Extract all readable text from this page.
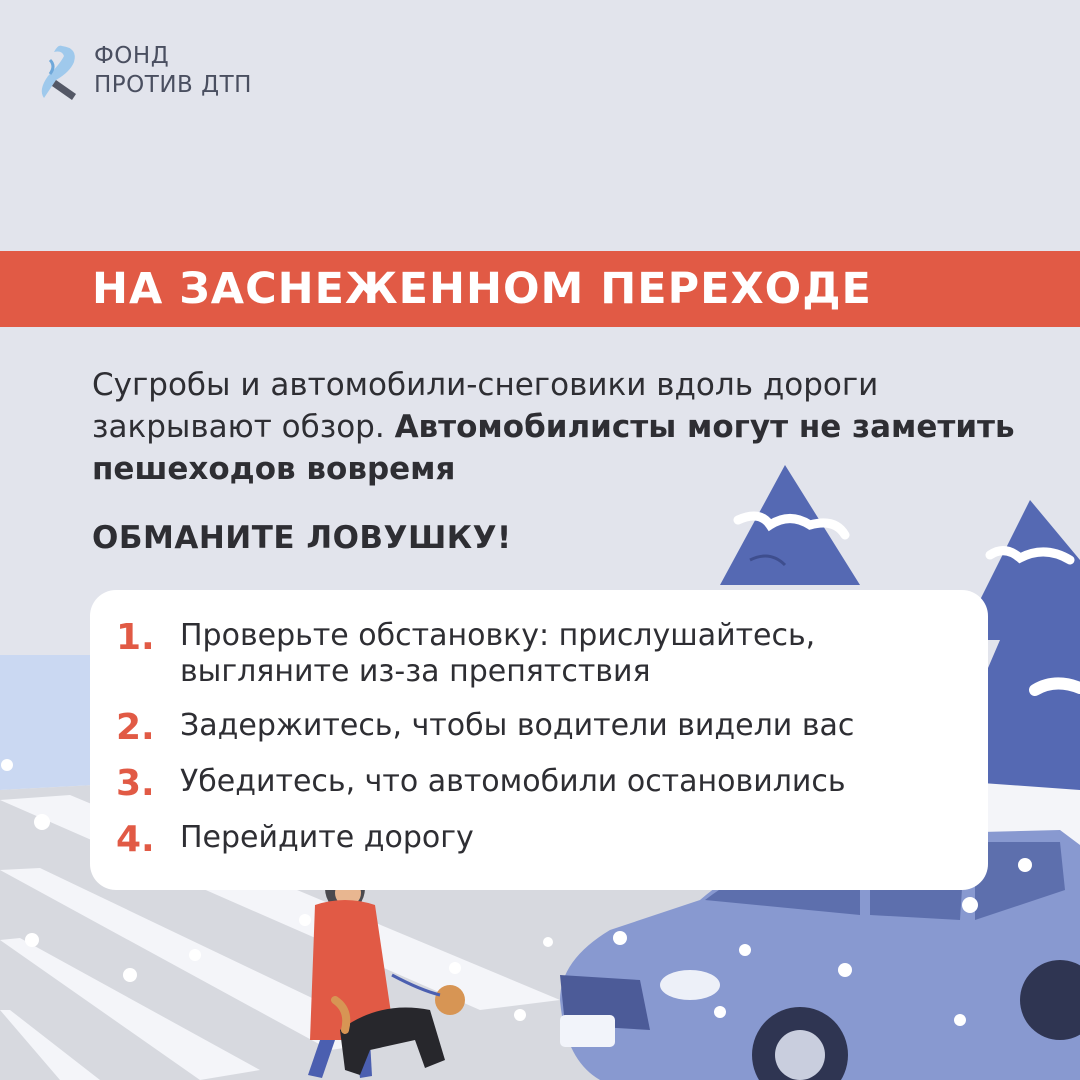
ФОНД
ПРОТИВ ДТП
НА ЗАСНЕЖЕННОМ ПЕРЕХОДЕ
Сугробы и автомобили-снеговики вдоль дороги закрывают обзор. Автомобилисты могут не заметить пешеходов вовремя
ОБМАНИТЕ ЛОВУШКУ!
1. Проверьте обстановку: прислушайтесь, выгляните из-за препятствия
2. Задержитесь, чтобы водители видели вас
3. Убедитесь, что автомобили остановились
4. Перейдите дорогу
